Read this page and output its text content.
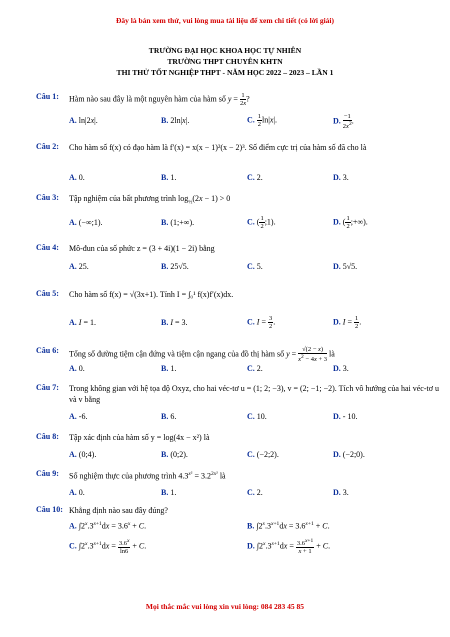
Đây là bản xem thử, vui lòng mua tài liệu để xem chi tiết (có lời giải)
TRƯỜNG ĐẠI HỌC KHOA HỌC TỰ NHIÊN
TRƯỜNG THPT CHUYÊN KHTN
THI THỬ TỐT NGHIỆP THPT - NĂM HỌC 2022 – 2023 – LẦN 1
Câu 1:	Hàm nào sau đây là một nguyên hàm của hàm số $y = \frac{1}{2x}$ ?
A. ln|2x|.	B. 2ln|x|.	C. $\frac{1}{2} \ln|x|$.	D. $\frac{-1}{2x^2}$ .
Câu 2:	Cho hàm số f(x) có đạo hàm là f′(x) = x(x − 1)²(x − 2)³. Số điểm cực trị của hàm số đã cho là
A. 0.	B. 1.	C. 2.	D. 3.
Câu 3:	Tập nghiệm của bất phương trình $\log_{\frac{1}{2}}(2x - 1) > 0$
A. (−∞;1).	B. (1;+∞).	C. ( $\frac{1}{2}$ ;1).	D. ( $\frac{1}{2}$ ;+∞).
Câu 4:	Mô-đun của số phức z = (3 + 4i)(1 − 2i) bằng
A. 25.	B. 25√5.	C. 5.	D. 5√5.
Câu 5:	Cho hàm số f(x) = √(3x+1). Tính I = ∫₀¹ f(x)f′(x)dx.
A. I = 1.	B. I = 3.	C. $I = \frac{3}{2}$ .	D. $I = \frac{1}{2}$ .
Câu 6:	Tổng số đường tiệm cận đứng và tiệm cận ngang của đồ thị hàm số $y = \frac{√(2 - x)}{x^2 - 4x + 3}$ là
A. 0.	B. 1.	C. 2.	D. 3.
Câu 7:	Trong không gian với hệ tọa độ Oxyz, cho hai véc-tơ u = (1; 2; −3), v = (2; −1; −2). Tích vô hướng của hai véc-tơ u và v bằng
A. -6.	B. 6.	C. 10.	D. - 10.
Câu 8:	Tập xác định của hàm số y = log(4x − x²) là
A. (0;4).	B. (0;2).	C. (−2;2).	D. (−2;0).
Câu 9:	Số nghiệm thực của phương trình $4.3^{x^2} = 3.2^{2x^2}$ là
A. 0.	B. 1.	C. 2.	D. 3.
Câu 10: Khẳng định nào sau đây đúng?
A. $\int 2^x.3^{x+1}dx = 3.6^x + C$.	B. $\int 2^x.3^{x+1}dx = 3.6^{x+1} + C$.
C. $\int 2^x.3^{x+1}dx = \frac{3.6^x}{\ln 6} + C$.	D. $\int 2^x.3^{x+1}dx = \frac{3.6^{x+1}}{x + 1} + C$.
Mọi thắc mắc vui lòng xin vui lòng: 084 283 45 85
